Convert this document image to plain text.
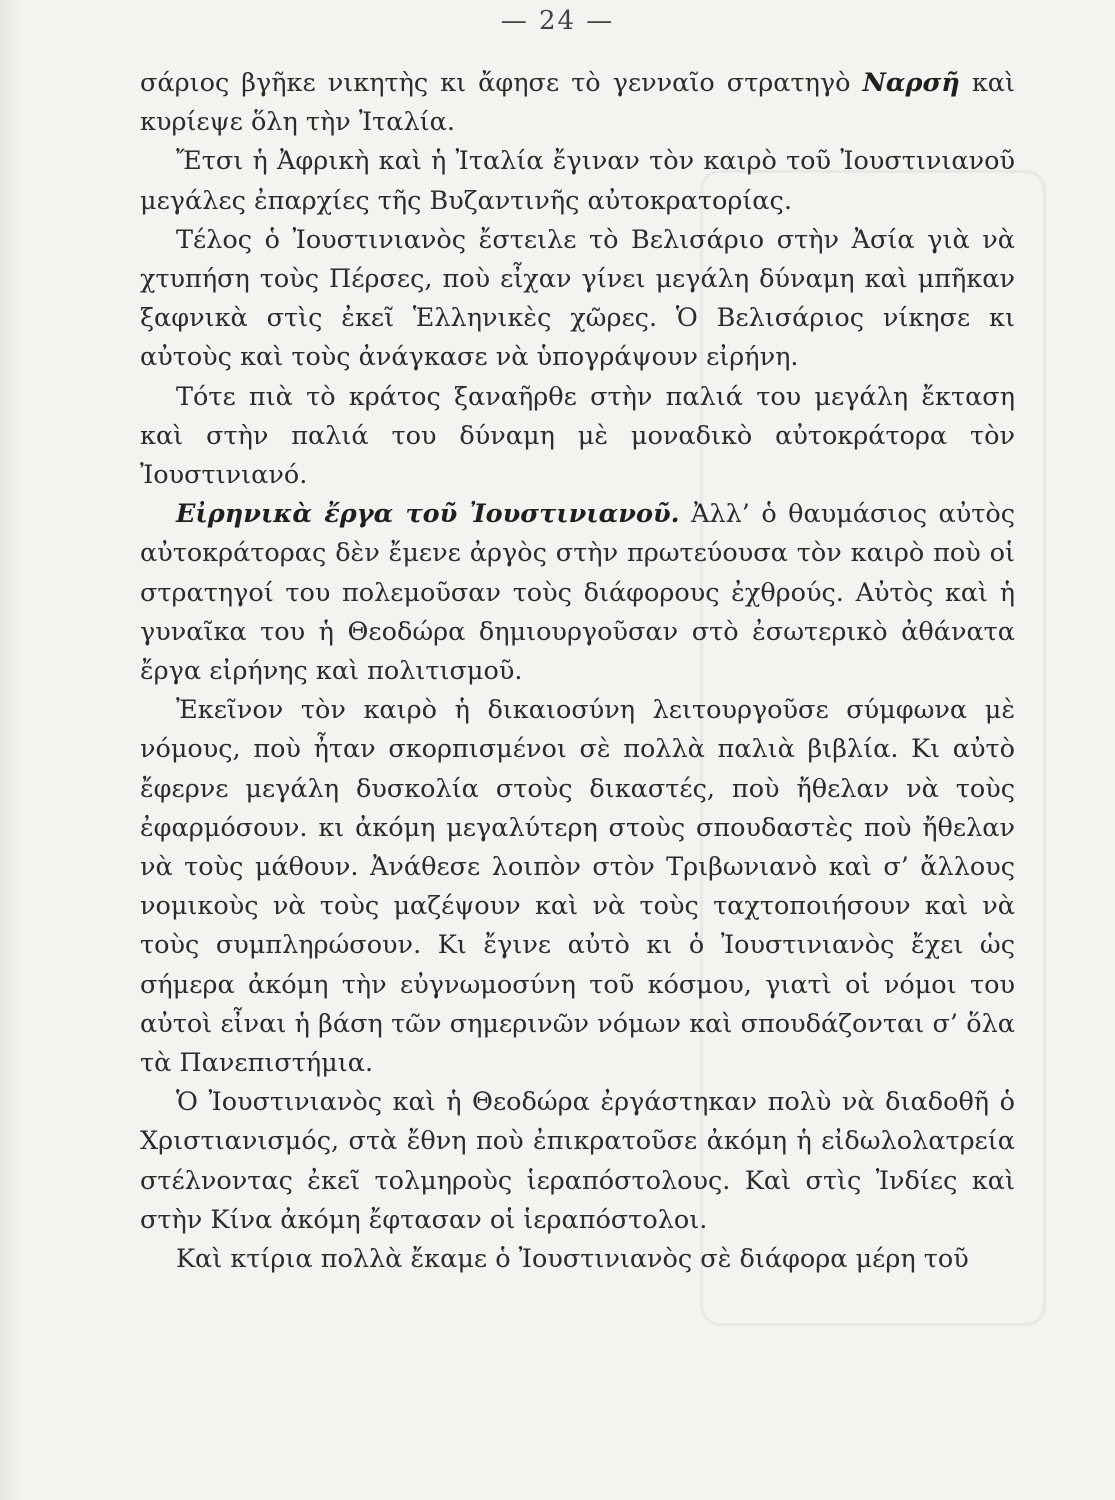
— 24 —

σάριος βγῆκε νικητὴς κι ἄφησε τὸ γενναῖο στρατηγὸ Ναρσῆ καὶ κυρίεψε ὅλη τὴν Ἰταλία.

Ἔτσι ἡ Ἀφρικὴ καὶ ἡ Ἰταλία ἔγιναν τὸν καιρὸ τοῦ Ἰουστινιανοῦ μεγάλες ἐπαρχίες τῆς Βυζαντινῆς αὐτοκρατορίας.

Τέλος ὁ Ἰουστινιανὸς ἔστειλε τὸ Βελισάριο στὴν Ἀσία γιὰ νὰ χτυπήση τοὺς Πέρσες, ποὺ εἶχαν γίνει μεγάλη δύναμη καὶ μπῆκαν ξαφνικὰ στὶς ἐκεῖ Ἑλληνικὲς χῶρες. Ὁ Βελισάριος νίκησε κι αὐτοὺς καὶ τοὺς ἀνάγκασε νὰ ὑπογράψουν εἰρήνη.

Τότε πιὰ τὸ κράτος ξαναῆρθε στὴν παλιά του μεγάλη ἔκταση καὶ στὴν παλιά του δύναμη μὲ μοναδικὸ αὐτοκράτορα τὸν Ἰουστινιανό.

Εἰρηνικὰ ἔργα τοῦ Ἰουστινιανοῦ. Ἀλλ’ ὁ θαυμάσιος αὐτὸς αὐτοκράτορας δὲν ἔμενε ἀργὸς στὴν πρωτεύουσα τὸν καιρὸ ποὺ οἱ στρατηγοί του πολεμοῦσαν τοὺς διάφορους ἐχθρούς. Αὐτὸς καὶ ἡ γυναῖκα του ἡ Θεοδώρα δημιουργοῦσαν στὸ ἐσωτερικὸ ἀθάνατα ἔργα εἰρήνης καὶ πολιτισμοῦ.

Ἐκεῖνον τὸν καιρὸ ἡ δικαιοσύνη λειτουργοῦσε σύμφωνα μὲ νόμους, ποὺ ἦταν σκορπισμένοι σὲ πολλὰ παλιὰ βιβλία. Κι αὐτὸ ἔφερνε μεγάλη δυσκολία στοὺς δικαστές, ποὺ ἤθελαν νὰ τοὺς ἐφαρμόσουν. κι ἀκόμη μεγαλύτερη στοὺς σπουδαστὲς ποὺ ἤθελαν νὰ τοὺς μάθουν. Ἀνάθεσε λοιπὸν στὸν Τριβωνιανὸ καὶ σ’ ἄλλους νομικοὺς νὰ τοὺς μαζέψουν καὶ νὰ τοὺς ταχτοποιήσουν καὶ νὰ τοὺς συμπληρώσουν. Κι ἔγινε αὐτὸ κι ὁ Ἰουστινιανὸς ἔχει ὡς σήμερα ἀκόμη τὴν εὐγνωμοσύνη τοῦ κόσμου, γιατὶ οἱ νόμοι του αὐτοὶ εἶναι ἡ βάση τῶν σημερινῶν νόμων καὶ σπουδάζονται σ’ ὅλα τὰ Πανεπιστήμια.

Ὁ Ἰουστινιανὸς καὶ ἡ Θεοδώρα ἐργάστηκαν πολὺ νὰ διαδοθῆ ὁ Χριστιανισμός, στὰ ἔθνη ποὺ ἐπικρατοῦσε ἀκόμη ἡ εἰδωλολατρεία στέλνοντας ἐκεῖ τολμηροὺς ἱεραπόστολους. Καὶ στὶς Ἰνδίες καὶ στὴν Κίνα ἀκόμη ἔφτασαν οἱ ἱεραπόστολοι.

Καὶ κτίρια πολλὰ ἔκαμε ὁ Ἰουστινιανὸς σὲ διάφορα μέρη τοῦ
